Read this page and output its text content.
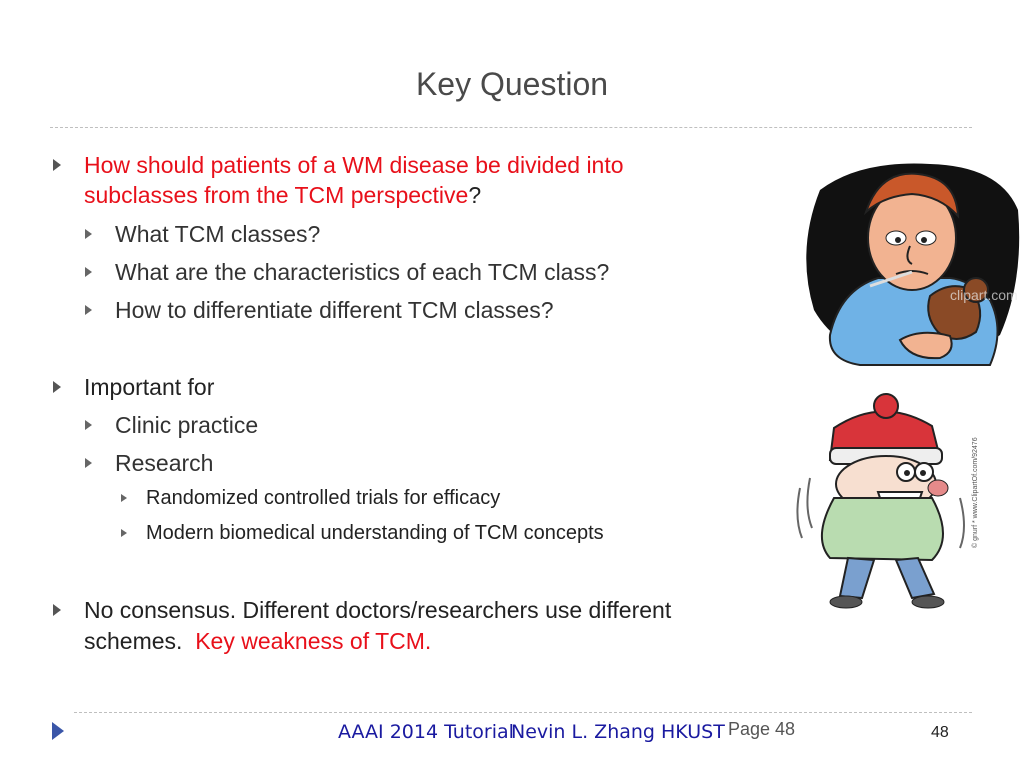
Key Question
How should patients of a WM disease be divided into
subclasses from the TCM perspective?
What TCM classes?
What are the characteristics of each TCM class?
How to differentiate different TCM classes?
Important for
Clinic practice
Research
Randomized controlled trials for efficacy
Modern biomedical understanding of TCM concepts
No consensus. Different doctors/researchers use different
schemes. Key weakness of TCM.
clipart.com
© gnurf * www.ClipartOf.com/92476
AAAI 2014 Tutorial
Nevin L. Zhang HKUST Page 48	48
